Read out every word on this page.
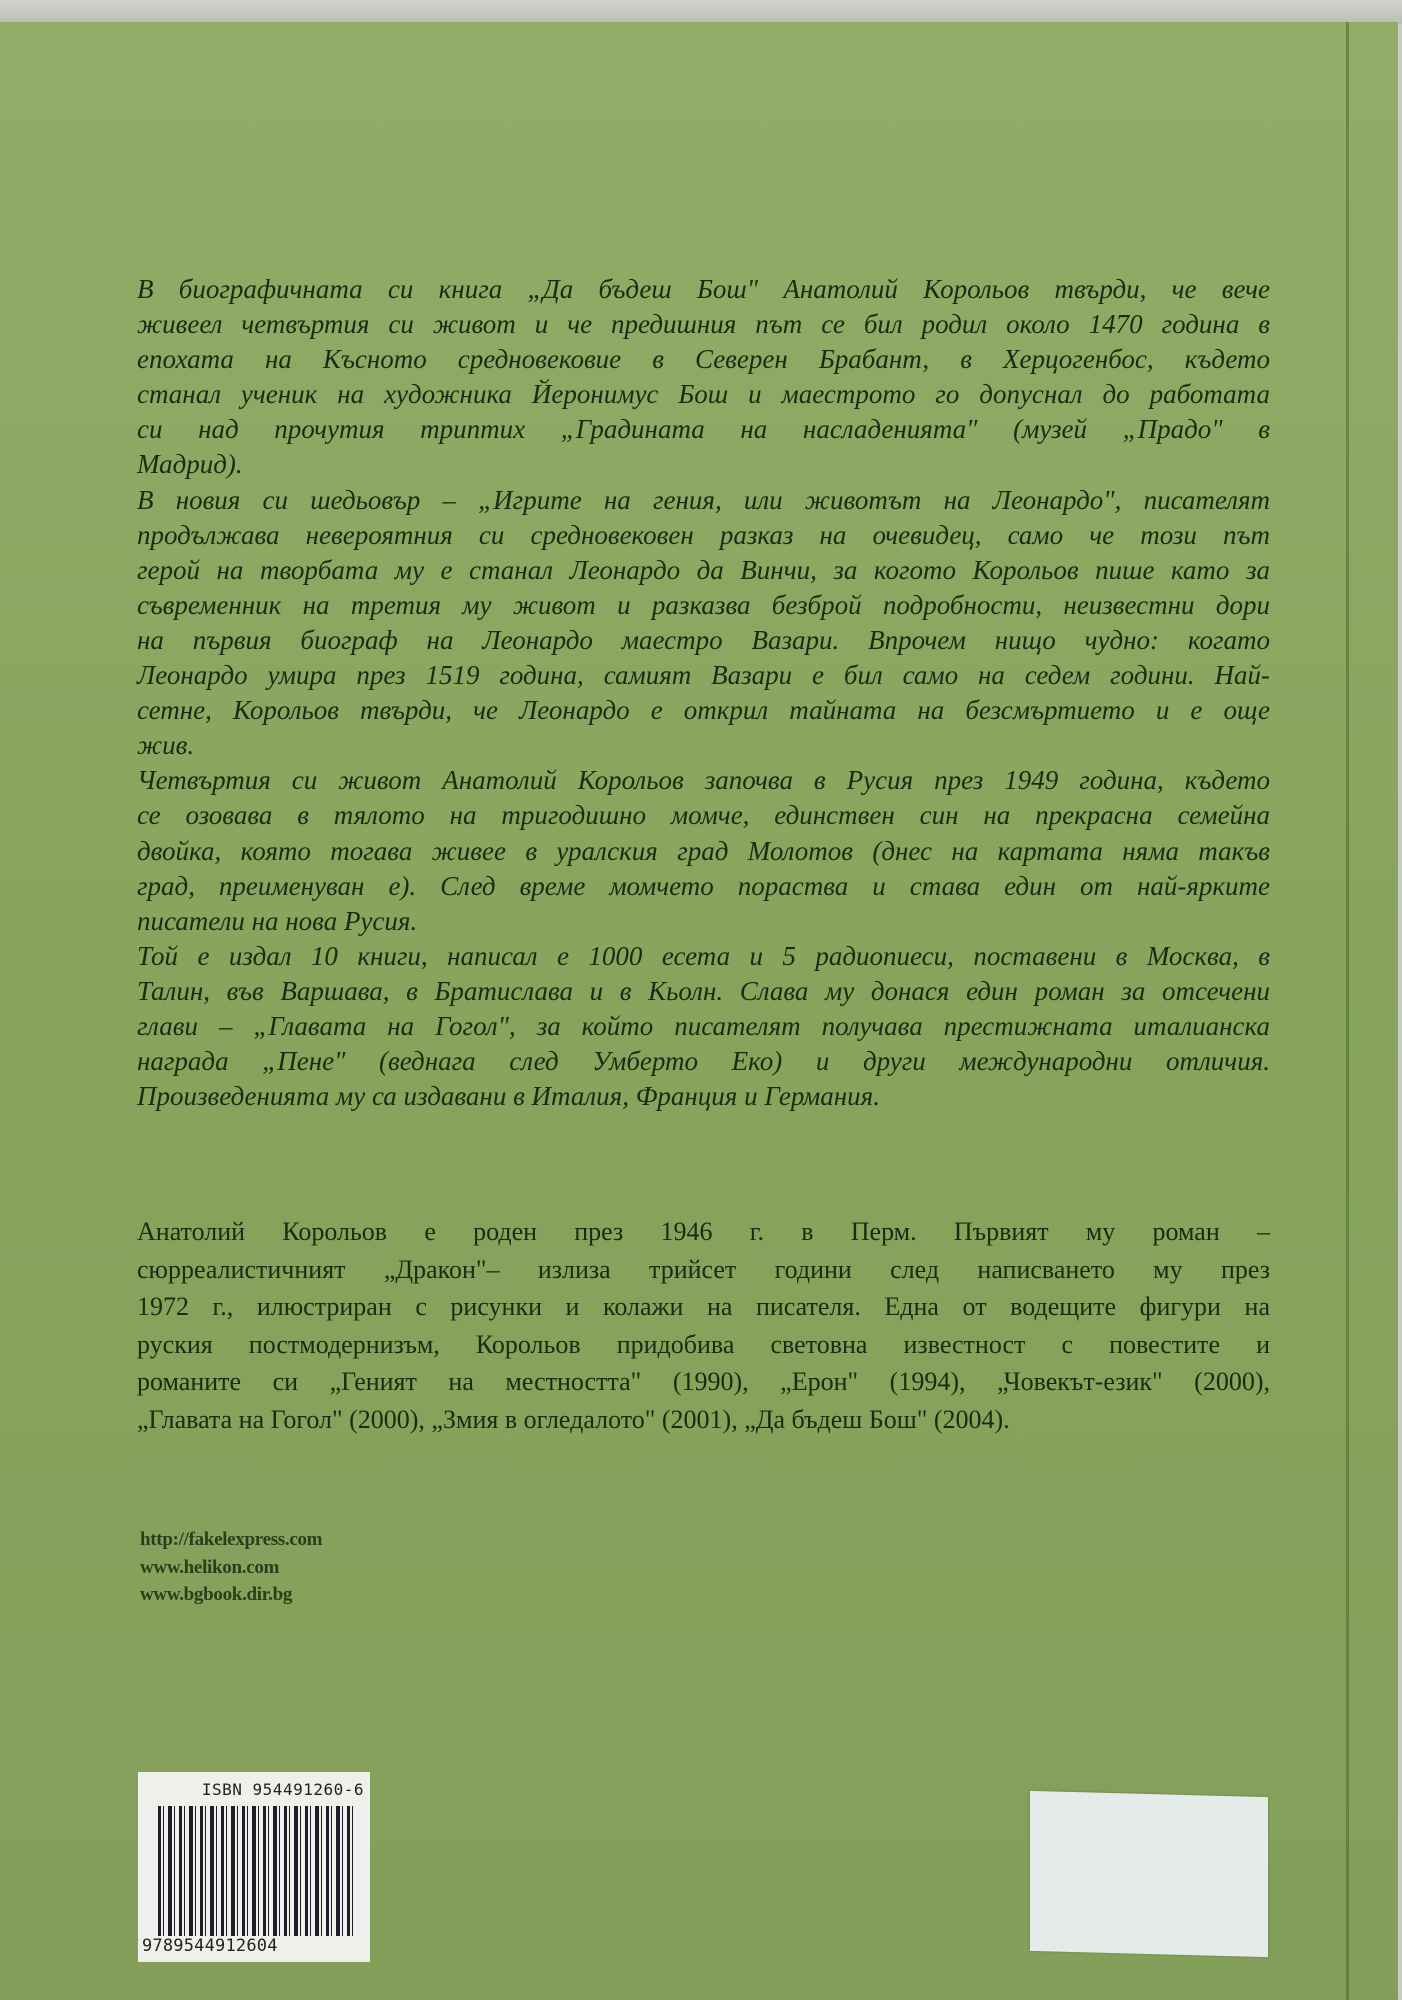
В биографичната си книга „Да бъдеш Бош" Анатолий Корольов твърди, че вече
живеел четвъртия си живот и че предишния път се бил родил около 1470 година в
епохата на Късното средновековие в Северен Брабант, в Херцогенбос, където
станал ученик на художника Йеронимус Бош и маестрото го допуснал до работата
си над прочутия триптих „Градината на насладенията" (музей „Прадо" в
Мадрид).
В новия си шедьовър – „Игрите на гения, или животът на Леонардо", писателят
продължава невероятния си средновековен разказ на очевидец, само че този път
герой на творбата му е станал Леонардо да Винчи, за когото Корольов пише като за
съвременник на третия му живот и разказва безброй подробности, неизвестни дори
на първия биограф на Леонардо маестро Вазари. Впрочем нищо чудно: когато
Леонардо умира през 1519 година, самият Вазари е бил само на седем години. Най-
сетне, Корольов твърди, че Леонардо е открил тайната на безсмъртието и е още
жив.
Четвъртия си живот Анатолий Корольов започва в Русия през 1949 година, където
се озовава в тялото на тригодишно момче, единствен син на прекрасна семейна
двойка, която тогава живее в уралския град Молотов (днес на картата няма такъв
град, преименуван е). След време момчето пораства и става един от най-ярките
писатели на нова Русия.
Той е издал 10 книги, написал е 1000 есета и 5 радиопиеси, поставени в Москва, в
Талин, във Варшава, в Братислава и в Кьолн. Слава му донася един роман за отсечени
глави – „Главата на Гогол", за който писателят получава престижната италианска
награда „Пене" (веднага след Умберто Еко) и други международни отличия.
Произведенията му са издавани в Италия, Франция и Германия.
Анатолий Корольов е роден през 1946 г. в Перм. Първият му роман –
сюрреалистичният „Дракон"– излиза трийсет години след написването му през
1972 г., илюстриран с рисунки и колажи на писателя. Една от водещите фигури на
руския постмодернизъм, Корольов придобива световна известност с повестите и
романите си „Геният на местността" (1990), „Ерон" (1994), „Човекът-език" (2000),
„Главата на Гогол" (2000), „Змия в огледалото" (2001), „Да бъдеш Бош" (2004).
http://fakelexpress.com
www.helikon.com
www.bgbook.dir.bg
ISBN 954491260-6
9789544912604
